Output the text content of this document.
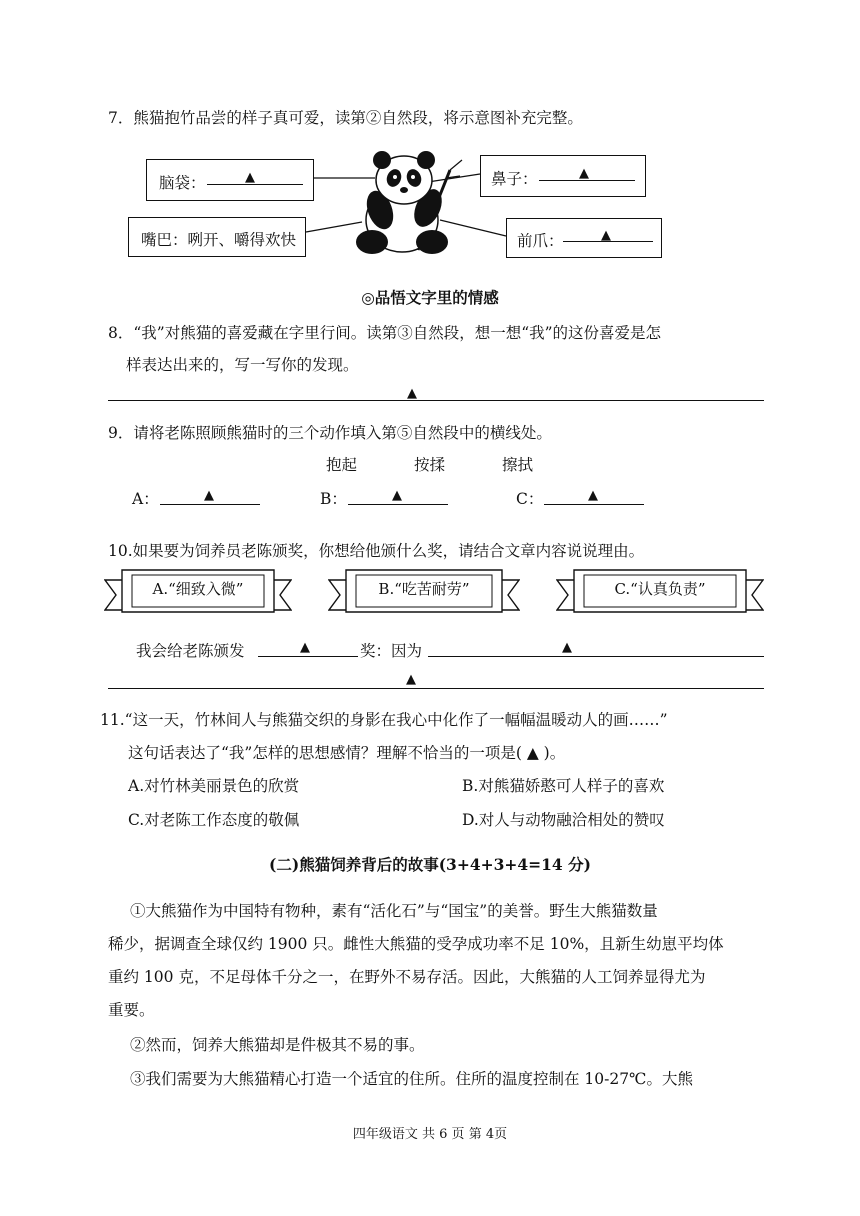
7．熊猫抱竹品尝的样子真可爱，读第②自然段，将示意图补充完整。
脑袋：	▲	鼻子：	▲
嘴巴：咧开、嚼得欢快	前爪：	▲
◎品悟文字里的情感
8．“我”对熊猫的喜爱藏在字里行间。读第③自然段，想一想“我”的这份喜爱是怎
样表达出来的，写一写你的发现。
▲
9．请将老陈照顾熊猫时的三个动作填入第⑤自然段中的横线处。
抱起	按揉	擦拭
A：	▲	B：	▲	C：	▲
10.如果要为饲养员老陈颁奖，你想给他颁什么奖，请结合文章内容说说理由。
A.“细致入微”	B.“吃苦耐劳”	C.“认真负责”
我会给老陈颁发	▲	奖：因为	▲
▲
11.“这一天，竹林间人与熊猫交织的身影在我心中化作了一幅幅温暖动人的画……”
这句话表达了“我”怎样的思想感情？理解不恰当的一项是( ▲ )。
A.对竹林美丽景色的欣赏	B.对熊猫娇憨可人样子的喜欢
C.对老陈工作态度的敬佩	D.对人与动物融洽相处的赞叹
(二)熊猫饲养背后的故事(3+4+3+4=14 分)
①大熊猫作为中国特有物种，素有“活化石”与“国宝”的美誉。野生大熊猫数量
稀少，据调查全球仅约 1900 只。雌性大熊猫的受孕成功率不足 10%，且新生幼崽平均体
重约 100 克，不足母体千分之一，在野外不易存活。因此，大熊猫的人工饲养显得尤为
重要。
②然而，饲养大熊猫却是件极其不易的事。
③我们需要为大熊猫精心打造一个适宜的住所。住所的温度控制在 10-27℃。大熊
四年级语文 共 6 页 第 4页
